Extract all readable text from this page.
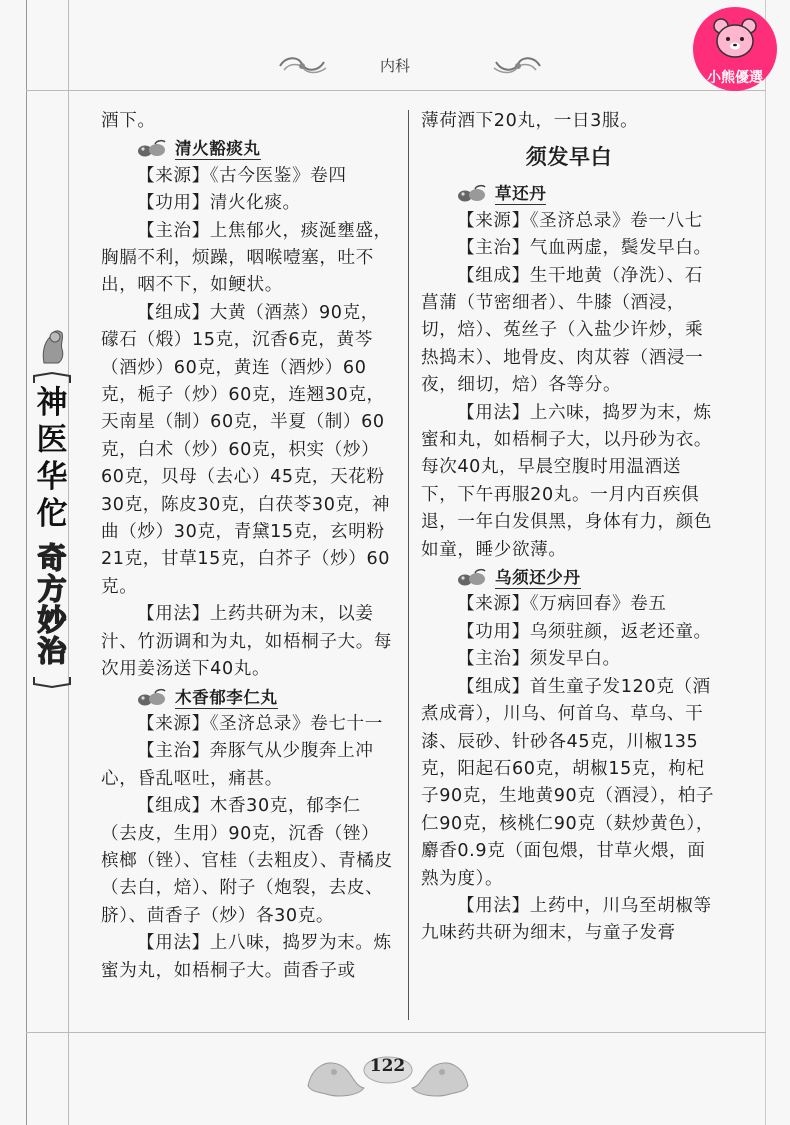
内科
小熊優選
神医华佗
奇方妙治

酒下。

清火豁痰丸

【来源】《古今医鉴》卷四

【功用】清火化痰。

【主治】上焦郁火，痰涎壅盛，胸膈不利，烦躁，咽喉噎塞，吐不出，咽不下，如鲠状。

【组成】大黄（酒蒸）90克，礞石（煅）15克，沉香6克，黄芩（酒炒）60克，黄连（酒炒）60克，栀子（炒）60克，连翘30克，天南星（制）60克，半夏（制）60克，白术（炒）60克，枳实（炒）60克，贝母（去心）45克，天花粉30克，陈皮30克，白茯苓30克，神曲（炒）30克，青黛15克，玄明粉21克，甘草15克，白芥子（炒）60克。

【用法】上药共研为末，以姜汁、竹沥调和为丸，如梧桐子大。每次用姜汤送下40丸。

木香郁李仁丸

【来源】《圣济总录》卷七十一

【主治】奔豚气从少腹奔上冲心，昏乱呕吐，痛甚。

【组成】木香30克，郁李仁（去皮，生用）90克，沉香（锉）槟榔（锉）、官桂（去粗皮）、青橘皮（去白，焙）、附子（炮裂，去皮、脐）、茴香子（炒）各30克。

【用法】上八味，捣罗为末。炼蜜为丸，如梧桐子大。茴香子或

薄荷酒下20丸，一日3服。

须发早白
草还丹

【来源】《圣济总录》卷一八七

【主治】气血两虚，鬓发早白。

【组成】生干地黄（净洗）、石菖蒲（节密细者）、牛膝（酒浸，切，焙）、菟丝子（入盐少许炒，乘热捣末）、地骨皮、肉苁蓉（酒浸一夜，细切，焙）各等分。

【用法】上六味，捣罗为末，炼蜜和丸，如梧桐子大，以丹砂为衣。每次40丸，早晨空腹时用温酒送下，下午再服20丸。一月内百疾俱退，一年白发俱黑，身体有力，颜色如童，睡少欲薄。

乌须还少丹

【来源】《万病回春》卷五

【功用】乌须驻颜，返老还童。

【主治】须发早白。

【组成】首生童子发120克（酒煮成膏），川乌、何首乌、草乌、干漆、辰砂、针砂各45克，川椒135克，阳起石60克，胡椒15克，枸杞子90克，生地黄90克（酒浸），柏子仁90克，核桃仁90克（麸炒黄色），麝香0.9克（面包煨，甘草火煨，面熟为度）。

【用法】上药中，川乌至胡椒等九味药共研为细末，与童子发膏

122
